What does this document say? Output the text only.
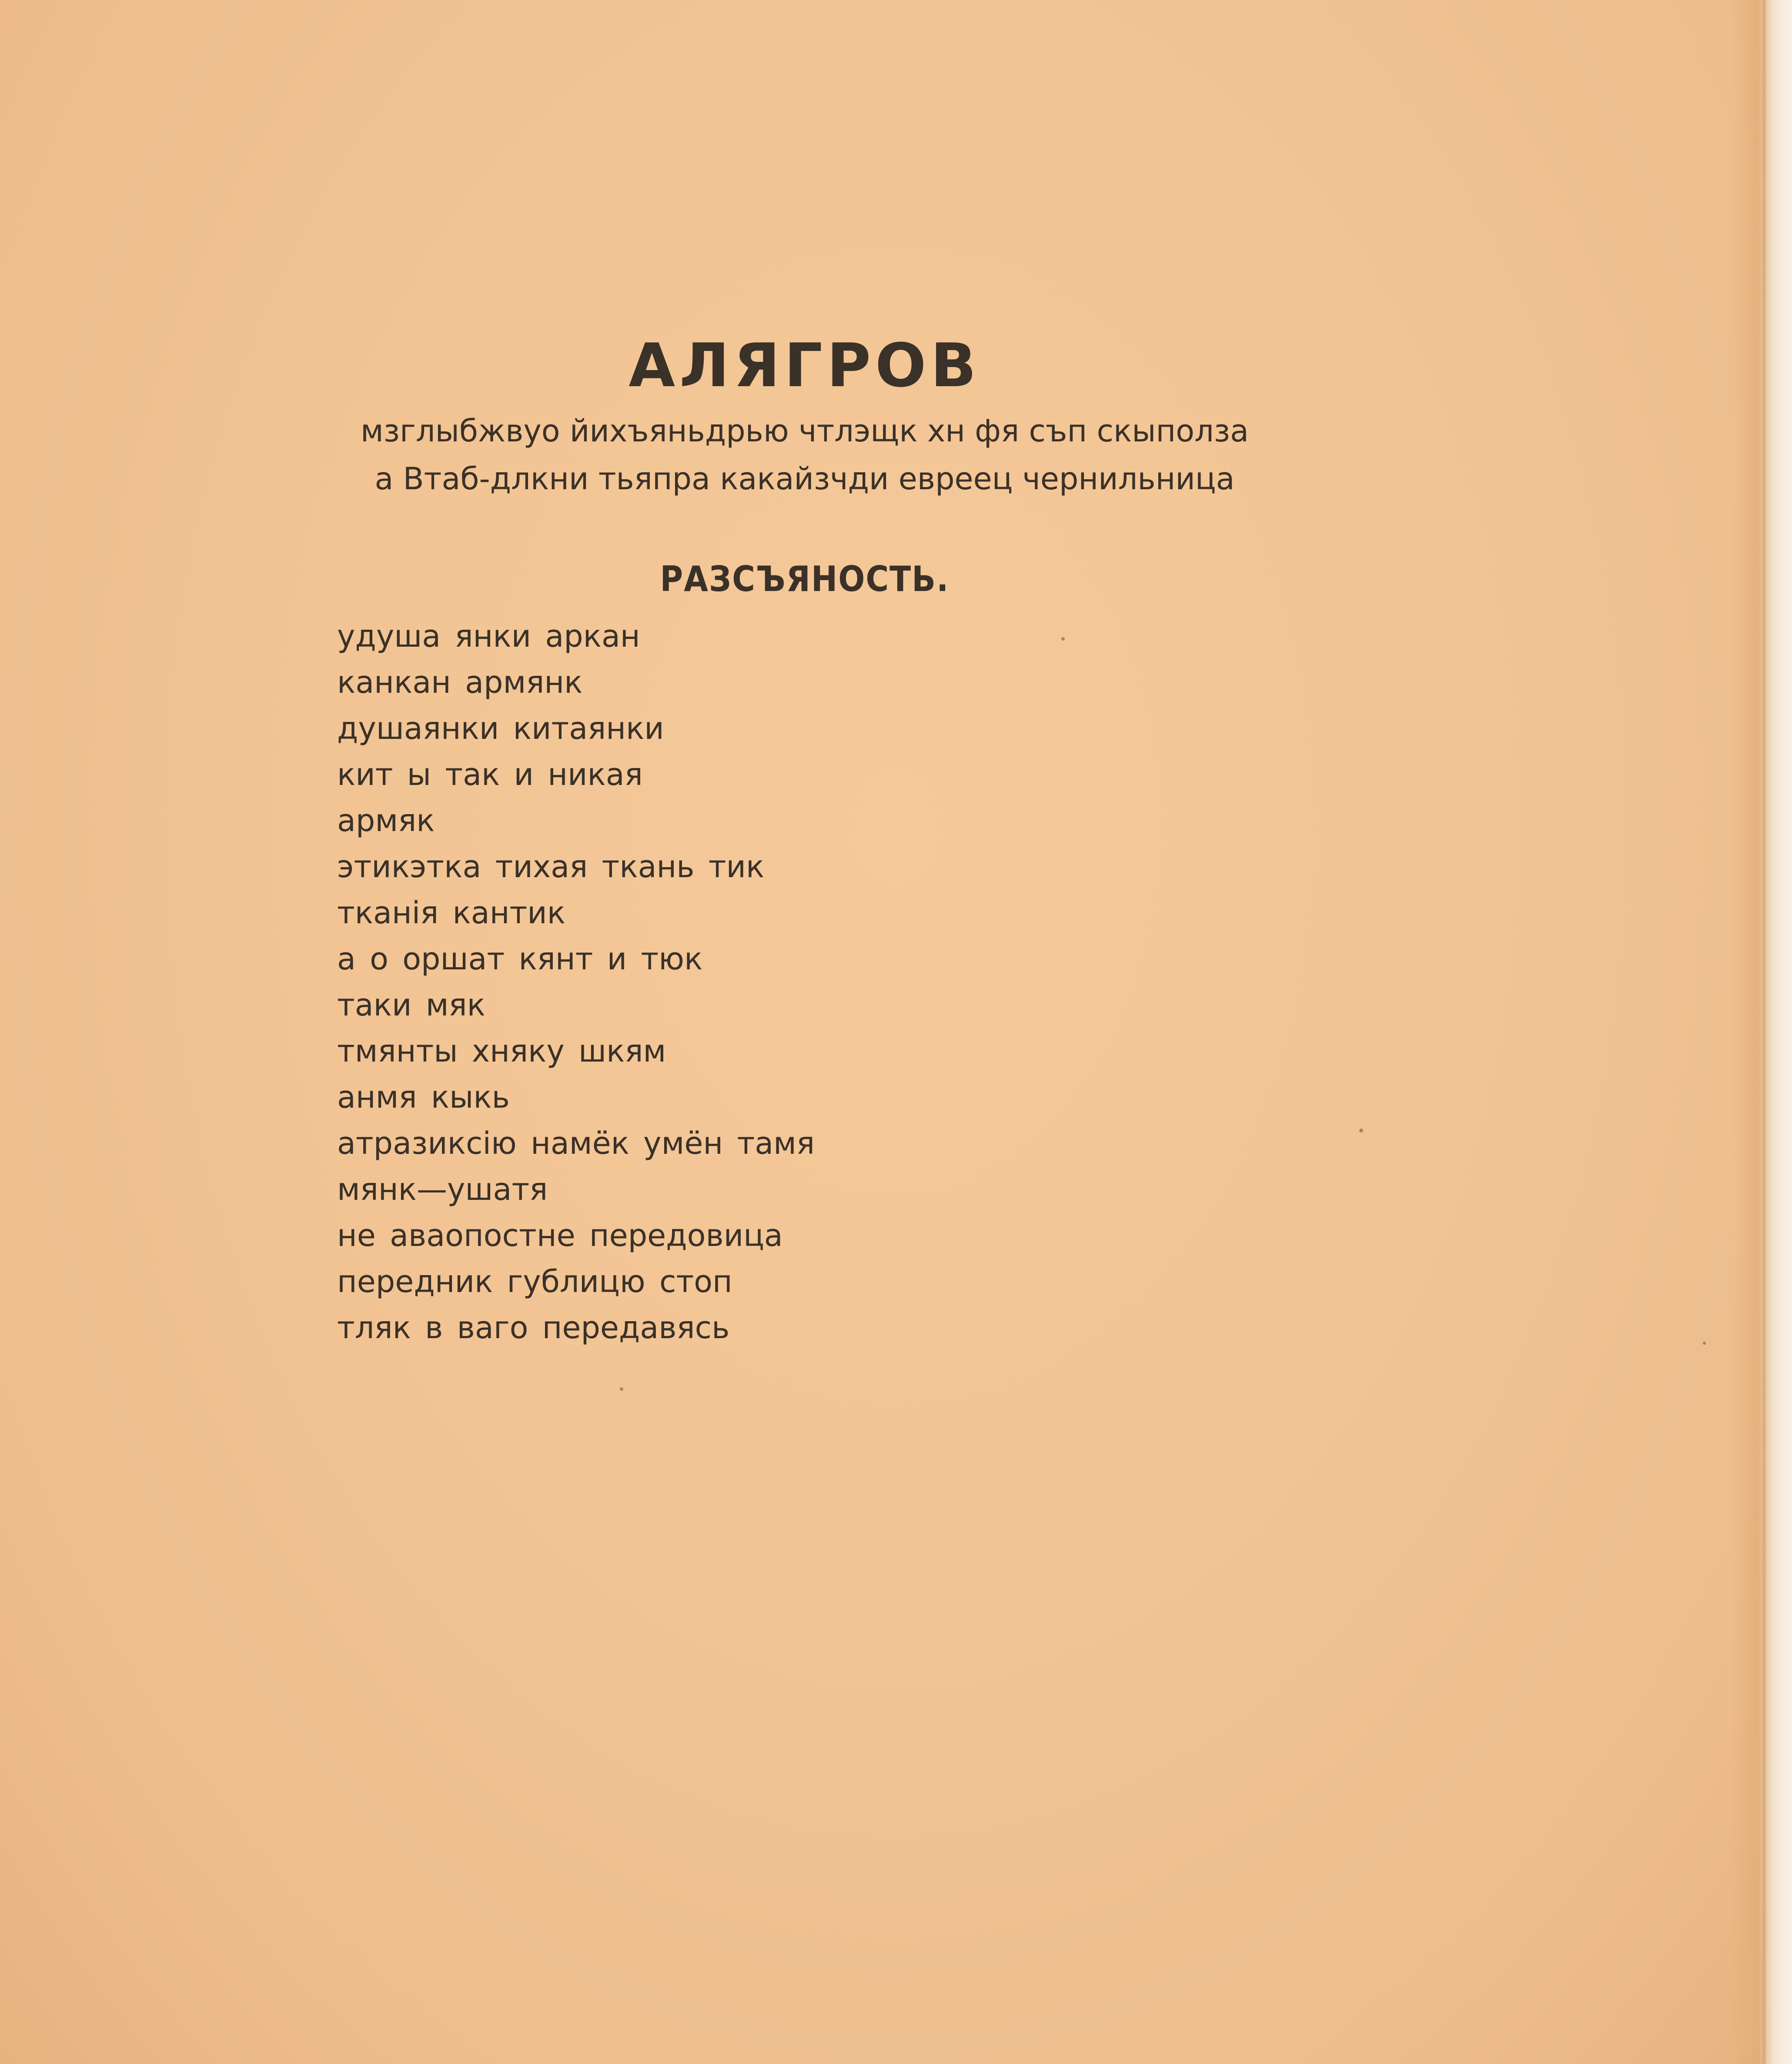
АЛЯГРОВ

мзглыбжвуо йихъяньдрью чтлэщк хн фя съп скыполза

а Втаб-длкни тьяпра какайзчди евреец чернильница

РАЗСЪЯНОСТЬ.
удуша янки аркан
канкан армянк
душаянки китаянки
кит ы так и никая
армяк
этикэтка тихая ткань тик
тканія кантик
а о оршат кянт и тюк
таки мяк
тмянты хняку шкям
анмя кыкь
атразиксію намёк умён тамя
мянк—ушатя
не аваопостне передовица
передник гублицю стоп
тляк в ваго передавясь
